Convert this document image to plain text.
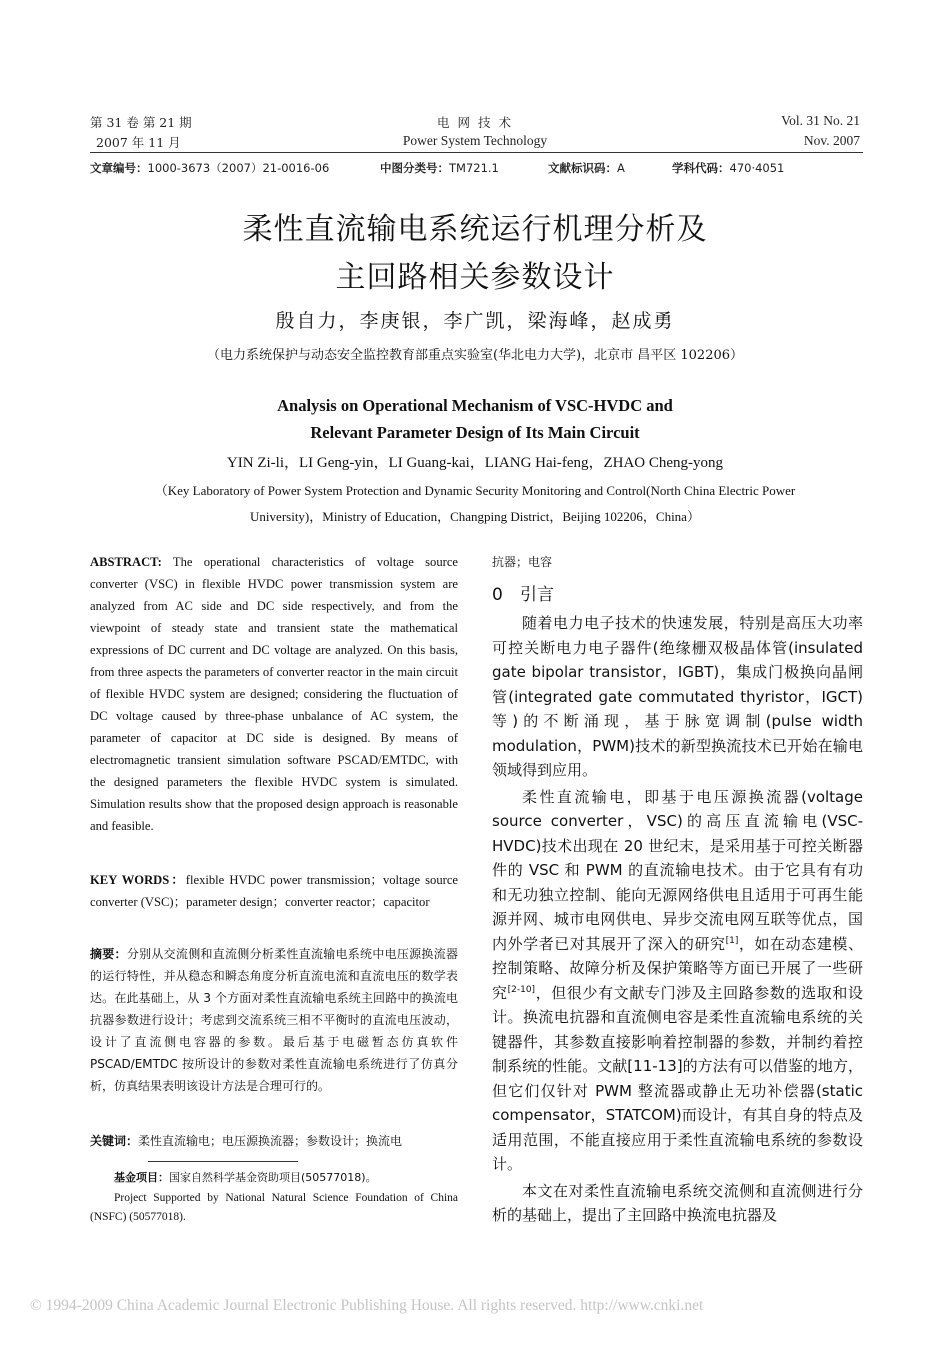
第 31 卷 第 21 期
2007 年 11 月
电 网 技 术
Power System Technology
Vol. 31 No. 21
Nov. 2007
文章编号：1000-3673（2007）21-0016-06	中图分类号：TM721.1	文献标识码：A	学科代码：470·4051
柔性直流输电系统运行机理分析及
主回路相关参数设计
殷自力，李庚银，李广凯，梁海峰，赵成勇
（电力系统保护与动态安全监控教育部重点实验室(华北电力大学)，北京市 昌平区 102206）
Analysis on Operational Mechanism of VSC-HVDC and
Relevant Parameter Design of Its Main Circuit
YIN Zi-li，LI Geng-yin，LI Guang-kai，LIANG Hai-feng，ZHAO Cheng-yong
（Key Laboratory of Power System Protection and Dynamic Security Monitoring and Control(North China Electric Power
University)，Ministry of Education，Changping District，Beijing 102206，China）
ABSTRACT: The operational characteristics of voltage source converter (VSC) in flexible HVDC power transmission system are analyzed from AC side and DC side respectively, and from the viewpoint of steady state and transient state the mathematical expressions of DC current and DC voltage are analyzed. On this basis, from three aspects the parameters of converter reactor in the main circuit of flexible HVDC system are designed; considering the fluctuation of DC voltage caused by three-phase unbalance of AC system, the parameter of capacitor at DC side is designed. By means of electromagnetic transient simulation software PSCAD/EMTDC, with the designed parameters the flexible HVDC system is simulated. Simulation results show that the proposed design approach is reasonable and feasible.
KEY WORDS：flexible HVDC power transmission；voltage source converter (VSC)；parameter design；converter reactor；capacitor
摘要：分别从交流侧和直流侧分析柔性直流输电系统中电压源换流器的运行特性，并从稳态和瞬态角度分析直流电流和直流电压的数学表达。在此基础上，从 3 个方面对柔性直流输电系统主回路中的换流电抗器参数进行设计；考虑到交流系统三相不平衡时的直流电压波动，设计了直流侧电容器的参数。最后基于电磁暂态仿真软件 PSCAD/EMTDC 按所设计的参数对柔性直流输电系统进行了仿真分析，仿真结果表明该设计方法是合理可行的。
关键词：柔性直流输电；电压源换流器；参数设计；换流电
基金项目：国家自然科学基金资助项目(50577018)。
Project Supported by National Natural Science Foundation of China (NSFC) (50577018).
抗器；电容
0 引言

随着电力电子技术的快速发展，特别是高压大功率可控关断电力电子器件(绝缘栅双极晶体管(insulated gate bipolar transistor，IGBT)，集成门极换向晶闸管(integrated gate commutated thyristor，IGCT)等)的不断涌现，基于脉宽调制(pulse width modulation，PWM)技术的新型换流技术已开始在输电领域得到应用。

柔性直流输电，即基于电压源换流器(voltage source converter，VSC)的高压直流输电(VSC-HVDC)技术出现在 20 世纪末，是采用基于可控关断器件的 VSC 和 PWM 的直流输电技术。由于它具有有功和无功独立控制、能向无源网络供电且适用于可再生能源并网、城市电网供电、异步交流电网互联等优点，国内外学者已对其展开了深入的研究[1]，如在动态建模、控制策略、故障分析及保护策略等方面已开展了一些研究[2-10]，但很少有文献专门涉及主回路参数的选取和设计。换流电抗器和直流侧电容是柔性直流输电系统的关键器件，其参数直接影响着控制器的参数，并制约着控制系统的性能。文献[11-13]的方法有可以借鉴的地方，但它们仅针对 PWM 整流器或静止无功补偿器(static compensator，STATCOM)而设计，有其自身的特点及适用范围，不能直接应用于柔性直流输电系统的参数设计。

本文在对柔性直流输电系统交流侧和直流侧进行分析的基础上，提出了主回路中换流电抗器及

© 1994-2009 China Academic Journal Electronic Publishing House. All rights reserved. http://www.cnki.net
